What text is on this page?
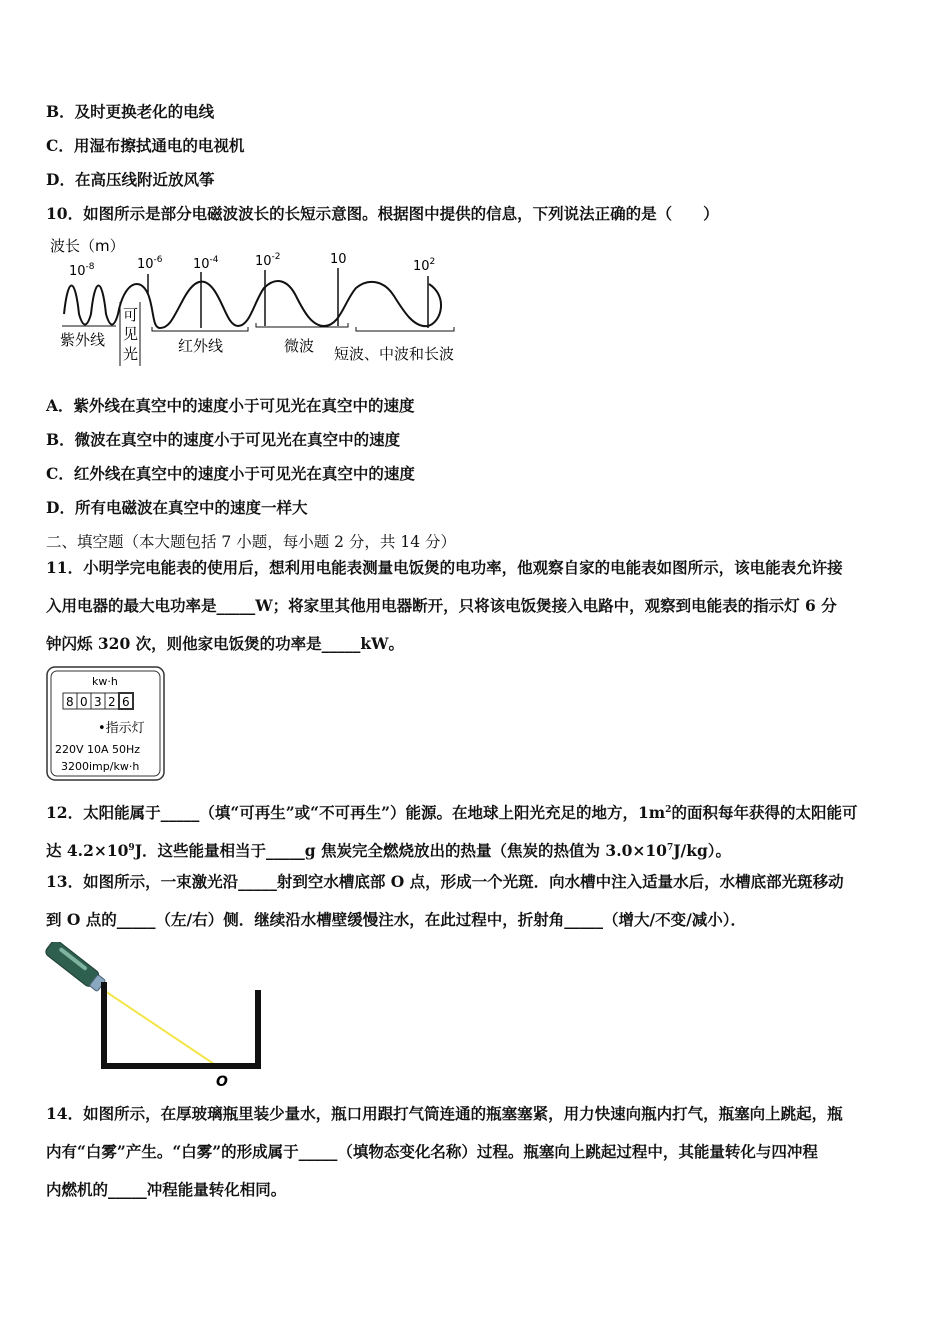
B．及时更换老化的电线
C．用湿布擦拭通电的电视机
D．在高压线附近放风筝
10．如图所示是部分电磁波波长的长短示意图。根据图中提供的信息，下列说法正确的是（　　）
波长（m）
$10^{-8}$	$10^{-6}$ $10^{-4}$	$10^{-2}$	10	$10^2$
紫外线
可
见
光	红外线	微波 短波、中波和长波
A．紫外线在真空中的速度小于可见光在真空中的速度
B．微波在真空中的速度小于可见光在真空中的速度
C．红外线在真空中的速度小于可见光在真空中的速度
D．所有电磁波在真空中的速度一样大
二、填空题（本大题包括 7 小题，每小题 2 分，共 14 分）
11．小明学完电能表的使用后，想利用电能表测量电饭煲的电功率，他观察自家的电能表如图所示，该电能表允许接
入用电器的最大电功率是_____W；将家里其他用电器断开，只将该电饭煲接入电路中，观察到电能表的指示灯 6 分
钟闪烁 320 次，则他家电饭煲的功率是_____kW。
kw·h
8 0 3 2 6
•指示灯
220V 10A 50Hz
3200imp/kw·h
12．太阳能属于_____（填“可再生”或“不可再生”）能源。在地球上阳光充足的地方，$1m^2$的面积每年获得的太阳能可
达 $4.2\times 10^9J$．这些能量相当于_____g 焦炭完全燃烧放出的热量（焦炭的热值为 $3.0\times 10^7J/kg$）。
13．如图所示，一束激光沿_____射到空水槽底部 O 点，形成一个光斑．向水槽中注入适量水后，水槽底部光斑移动
到 O 点的_____（左/右）侧．继续沿水槽壁缓慢注水，在此过程中，折射角_____（增大/不变/减小）．
O
14．如图所示，在厚玻璃瓶里装少量水，瓶口用跟打气筒连通的瓶塞塞紧，用力快速向瓶内打气，瓶塞向上跳起，瓶
内有“白雾”产生。“白雾”的形成属于_____（填物态变化名称）过程。瓶塞向上跳起过程中，其能量转化与四冲程
内燃机的_____冲程能量转化相同。
